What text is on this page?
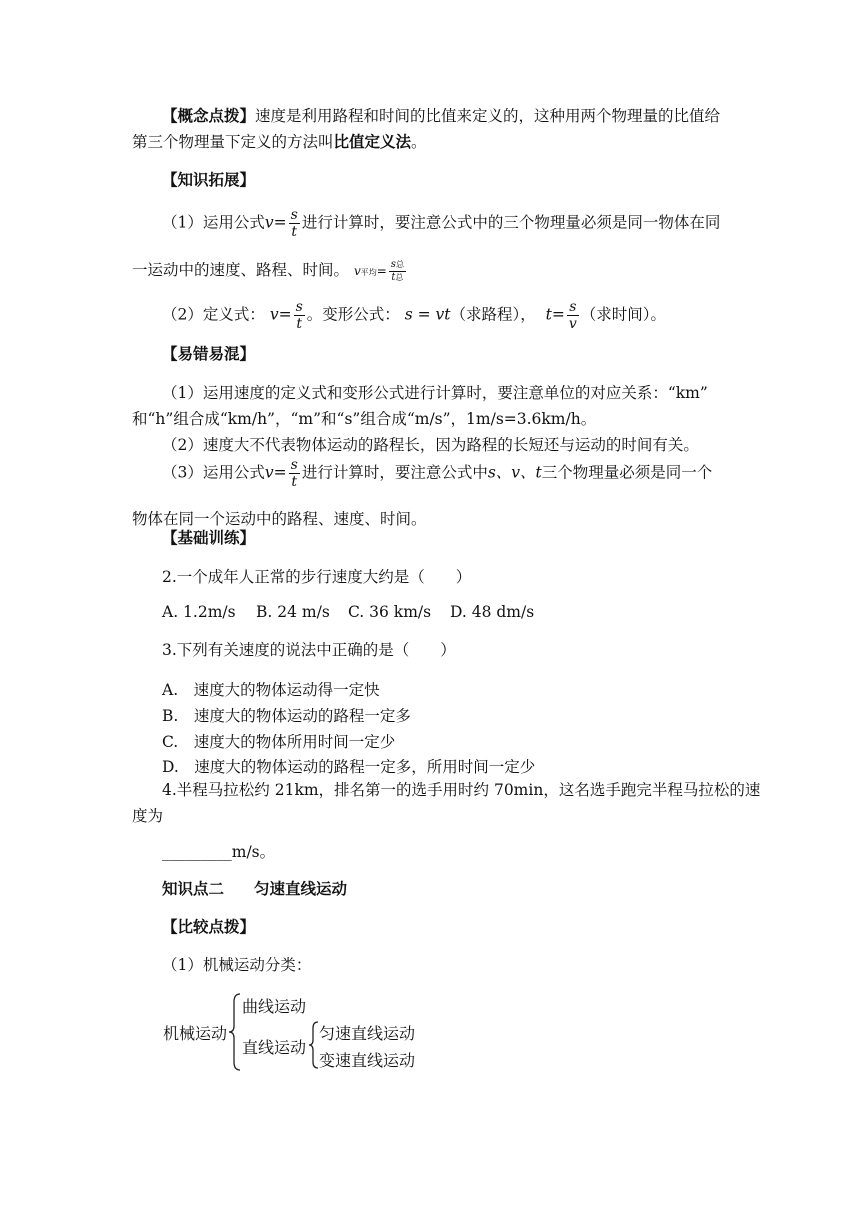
【概念点拨】速度是利用路程和时间的比值来定义的，这种用两个物理量的比值给
第三个物理量下定义的方法叫比值定义法。
【知识拓展】
（1）运用公式$v= \frac{s}{t}$ 进行计算时，要注意公式中的三个物理量必须是同一物体在同
一运动中的速度、路程、时间。 v平均= $\frac{\text{s总}}{\text{t总}}$
（2）定义式： $v= \frac{s}{t}$ 。变形公式： s = vt（求路程）， $t= \frac{s}{v}$ （求时间）。
【易错易混】
（1）运用速度的定义式和变形公式进行计算时，要注意单位的对应关系：“km”
和“h”组合成“km/h”，“m”和“s”组合成“m/s”，1m/s=3.6km/h。
（2）速度大不代表物体运动的路程长，因为路程的长短还与运动的时间有关。
（3）运用公式$v= \frac{s}{t}$ 进行计算时，要注意公式中s、v、t三个物理量必须是同一个
物体在同一个运动中的路程、速度、时间。
【基础训练】
2.一个成年人正常的步行速度大约是（　　）
A. 1.2m/s B. 24 m/s C. 36 km/s D. 48 dm/s
3.下列有关速度的说法中正确的是（　　）
A.　速度大的物体运动得一定快
B.　速度大的物体运动的路程一定多
C.　速度大的物体所用时间一定少
D.　速度大的物体运动的路程一定多，所用时间一定少
4.半程马拉松约 21km，排名第一的选手用时约 70min，这名选手跑完半程马拉松的速
度为
_________m/s。
知识点二 匀速直线运动
【比较点拨】
（1）机械运动分类：
机械运动
曲线运动
直线运动
匀速直线运动
变速直线运动
